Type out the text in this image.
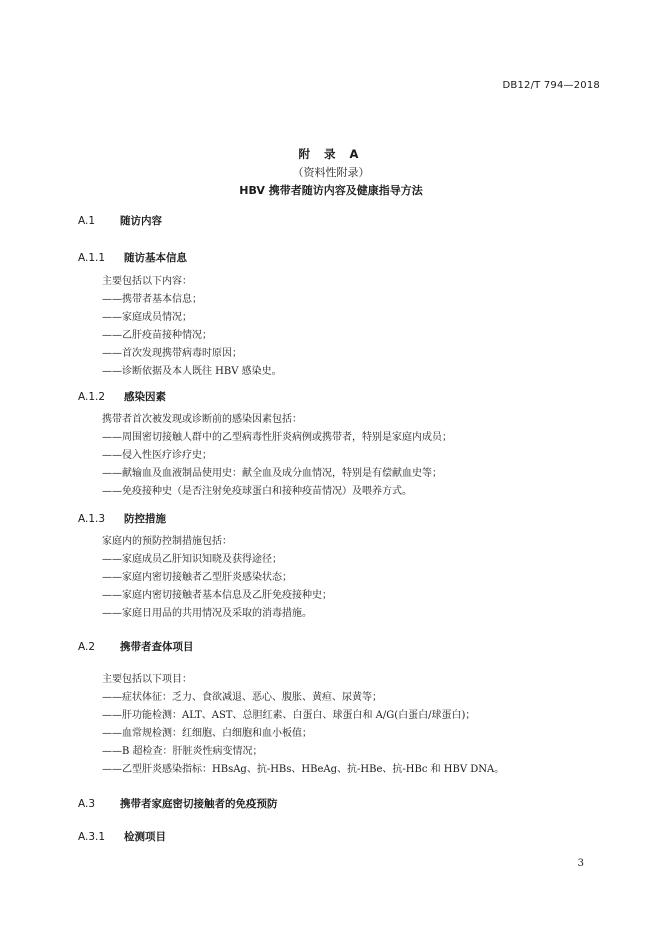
DB12/T 794—2018
附 录 A
（资料性附录）
HBV 携带者随访内容及健康指导方法
A.1 随访内容
A.1.1 随访基本信息
主要包括以下内容：
——携带者基本信息；
——家庭成员情况；
——乙肝疫苗接种情况；
——首次发现携带病毒时原因；
——诊断依据及本人既往 HBV 感染史。
A.1.2 感染因素
携带者首次被发现或诊断前的感染因素包括：
——周围密切接触人群中的乙型病毒性肝炎病例或携带者，特别是家庭内成员；
——侵入性医疗诊疗史；
——献输血及血液制品使用史：献全血及成分血情况，特别是有偿献血史等；
——免疫接种史（是否注射免疫球蛋白和接种疫苗情况）及喂养方式。
A.1.3 防控措施
家庭内的预防控制措施包括：
——家庭成员乙肝知识知晓及获得途径；
——家庭内密切接触者乙型肝炎感染状态；
——家庭内密切接触者基本信息及乙肝免疫接种史；
——家庭日用品的共用情况及采取的消毒措施。
A.2 携带者查体项目
主要包括以下项目：
——症状体征：乏力、食欲减退、恶心、腹胀、黄疸、尿黄等；
——肝功能检测：ALT、AST、总胆红素、白蛋白、球蛋白和 A/G(白蛋白/球蛋白)；
——血常规检测：红细胞、白细胞和血小板值；
——B 超检查：肝脏炎性病变情况；
——乙型肝炎感染指标：HBsAg、抗-HBs、HBeAg、抗-HBe、抗-HBc 和 HBV DNA。
A.3 携带者家庭密切接触者的免疫预防
A.3.1 检测项目
3
